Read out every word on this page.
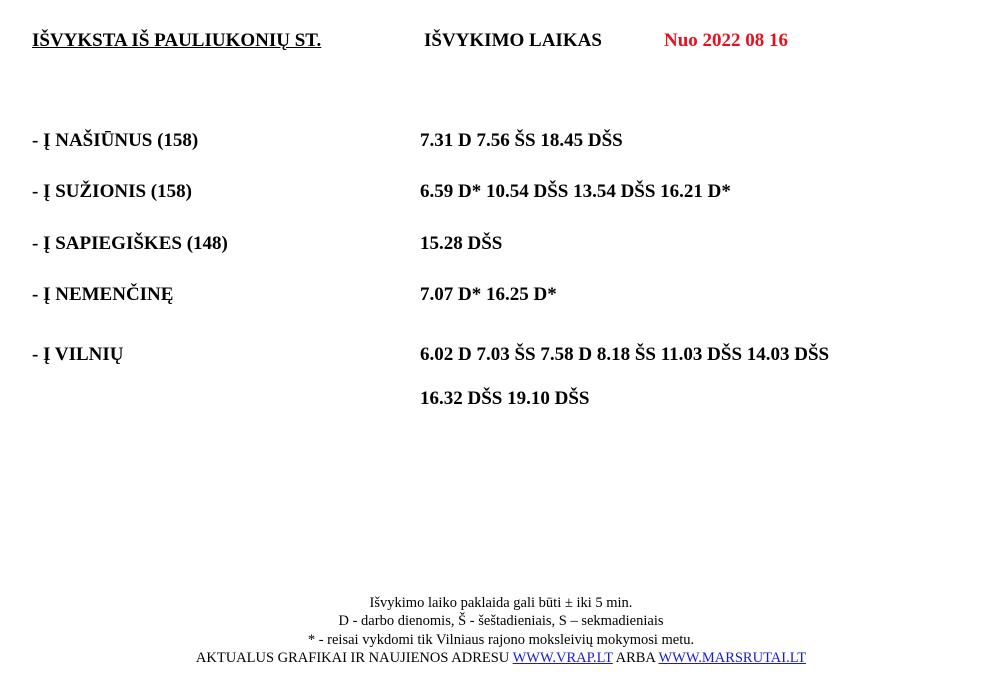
IŠVYKSTA IŠ PAULIUKONIŲ ST.	IŠVYKIMO LAIKAS	Nuo 2022 08 16
- Į NAŠIŪNUS (158)	7.31 D 7.56 ŠS 18.45 DŠS
- Į SUŽIONIS (158)	6.59 D* 10.54 DŠS 13.54 DŠS 16.21 D*
- Į SAPIEGIŠKES (148)	15.28 DŠS
- Į NEMENČINĘ	7.07 D* 16.25 D*
- Į VILNIŲ	6.02 D 7.03 ŠS 7.58 D 8.18 ŠS 11.03 DŠS 14.03 DŠS
16.32 DŠS 19.10 DŠS
Išvykimo laiko paklaida gali būti ± iki 5 min.
D - darbo dienomis, Š - šeštadieniais, S – sekmadieniais
* - reisai vykdomi tik Vilniaus rajono moksleivių mokymosi metu.
AKTUALUS GRAFIKAI IR NAUJIENOS ADRESU WWW.VRAP.LT ARBA WWW.MARSRUTAI.LT
